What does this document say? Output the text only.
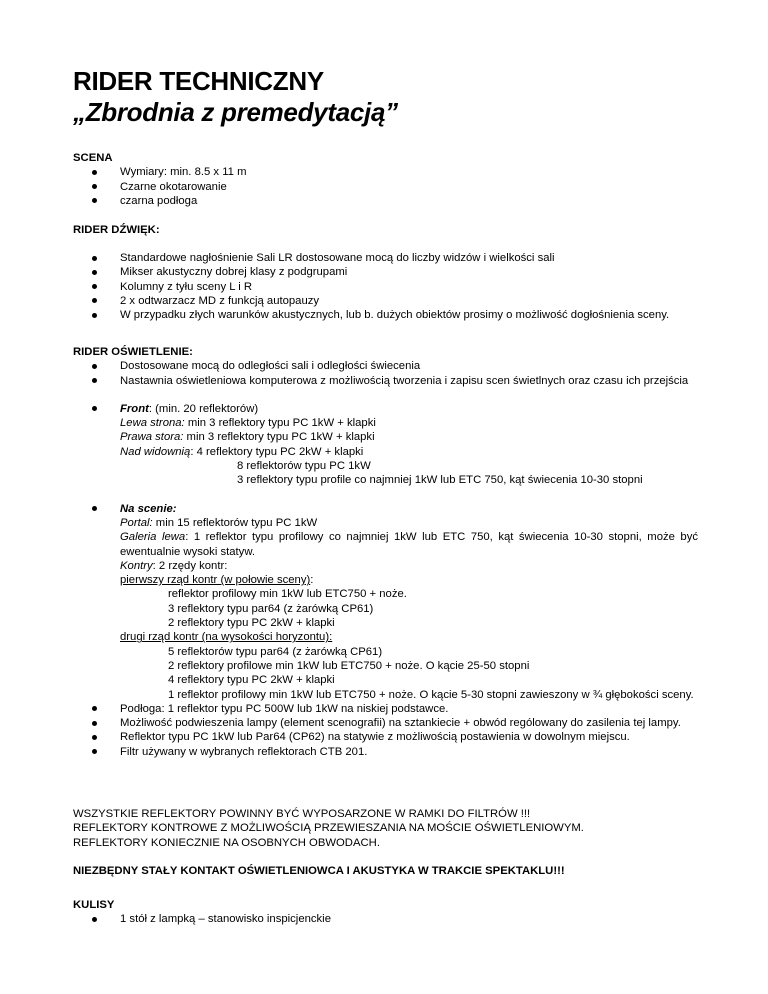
RIDER TECHNICZNY
„Zbrodnia z premedytacją”

SCENA

Wymiary: min. 8.5 x 11 m
Czarne okotarowanie
czarna podłoga

RIDER DŹWIĘK:

Standardowe nagłośnienie Sali LR dostosowane mocą do liczby widzów i wielkości sali
Mikser akustyczny dobrej klasy z podgrupami
Kolumny z tyłu sceny L i R
2 x odtwarzacz MD z funkcją autopauzy
W przypadku złych warunków akustycznych, lub b. dużych obiektów prosimy o możliwość dogłośnienia sceny.

RIDER OŚWIETLENIE:

Dostosowane mocą do odległości sali i odległości świecenia
Nastawnia oświetleniowa komputerowa z możliwością tworzenia i zapisu scen świetlnych oraz czasu ich przejścia
Front: (min. 20 reflektorów)
Lewa strona: min 3 reflektory typu PC 1kW + klapki
Prawa stora: min 3 reflektory typu PC 1kW + klapki
Nad widownią: 4 reflektory typu PC 2kW + klapki
8 reflektorów typu PC 1kW
3 reflektory typu profile co najmniej 1kW lub ETC 750, kąt świecenia 10-30 stopni
Na scenie:
Portal: min 15 reflektorów typu PC 1kW
Galeria lewa: 1 reflektor typu profilowy co najmniej 1kW lub ETC 750, kąt świecenia 10-30 stopni, może być ewentualnie wysoki statyw.
Kontry: 2 rzędy kontr:
pierwszy rząd kontr (w połowie sceny):
reflektor profilowy min 1kW lub ETC750 + noże.
3 reflektory typu par64 (z żarówką CP61)
2 reflektory typu PC 2kW + klapki
drugi rząd kontr (na wysokości horyzontu):
5 reflektorów typu par64 (z żarówką CP61)
2 reflektory profilowe min 1kW lub ETC750 + noże. O kącie 25-50 stopni
4 reflektory typu PC 2kW + klapki
1 reflektor profilowy min 1kW lub ETC750 + noże. O kącie 5-30 stopni zawieszony w ¾ głębokości sceny.
Podłoga: 1 reflektor typu PC 500W lub 1kW na niskiej podstawce.
Możliwość podwieszenia lampy (element scenografii) na sztankiecie + obwód rególowany do zasilenia tej lampy.
Reflektor typu PC 1kW lub Par64 (CP62) na statywie z możliwością postawienia w dowolnym miejscu.
Filtr używany w wybranych reflektorach CTB 201.

WSZYSTKIE REFLEKTORY POWINNY BYĆ WYPOSARZONE W RAMKI DO FILTRÓW !!!

REFLEKTORY KONTROWE Z MOŻLIWOŚCIĄ PRZEWIESZANIA NA MOŚCIE OŚWIETLENIOWYM.

REFLEKTORY KONIECZNIE NA OSOBNYCH OBWODACH.

NIEZBĘDNY STAŁY KONTAKT OŚWIETLENIOWCA I AKUSTYKA W TRAKCIE SPEKTAKLU!!!

KULISY

1 stół z lampką – stanowisko inspicjenckie
